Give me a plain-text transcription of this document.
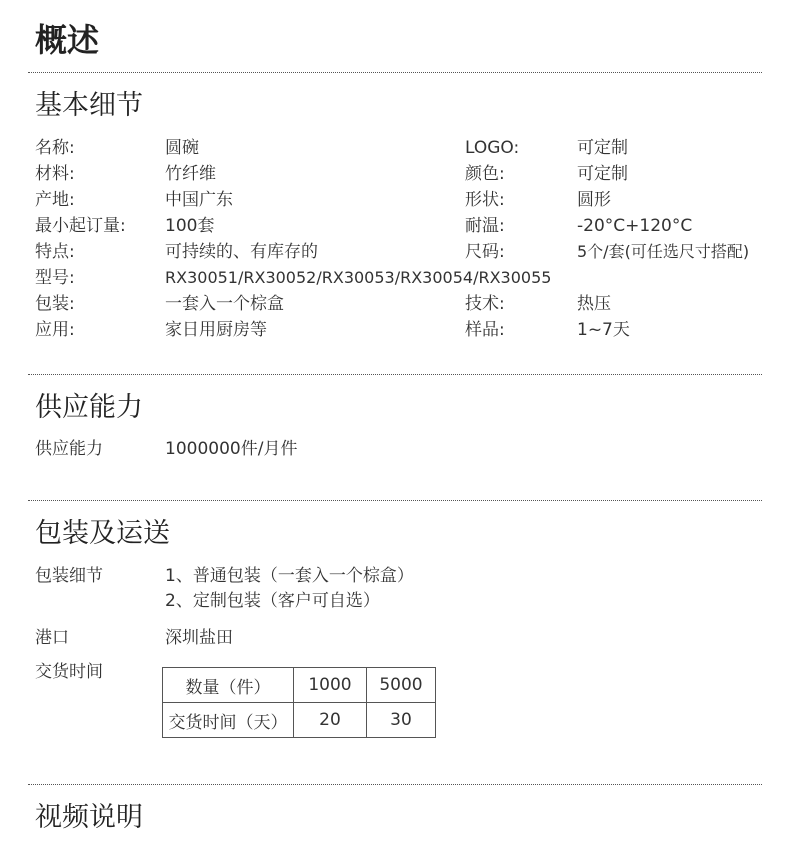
概述
基本细节
名称:	圆碗	LOGO:	可定制
材料:	竹纤维	颜色:	可定制
产地:	中国广东	形状:	圆形
最小起订量: 100套	耐温:	-20°C+120°C
特点:	可持续的、有库存的	尺码:	5个/套(可任选尺寸搭配)
型号:	RX30051/RX30052/RX30053/RX30054/RX30055
包装:	一套入一个棕盒	技术:	热压
应用:	家日用厨房等	样品:	1~7天
供应能力
供应能力	1000000件/月件
包装及运送
包装细节	1、普通包装（一套入一个棕盒）
2、定制包装（客户可自选）
港口	深圳盐田
交货时间
数量（件）	1000	5000
交货时间（天）	20	30
视频说明
